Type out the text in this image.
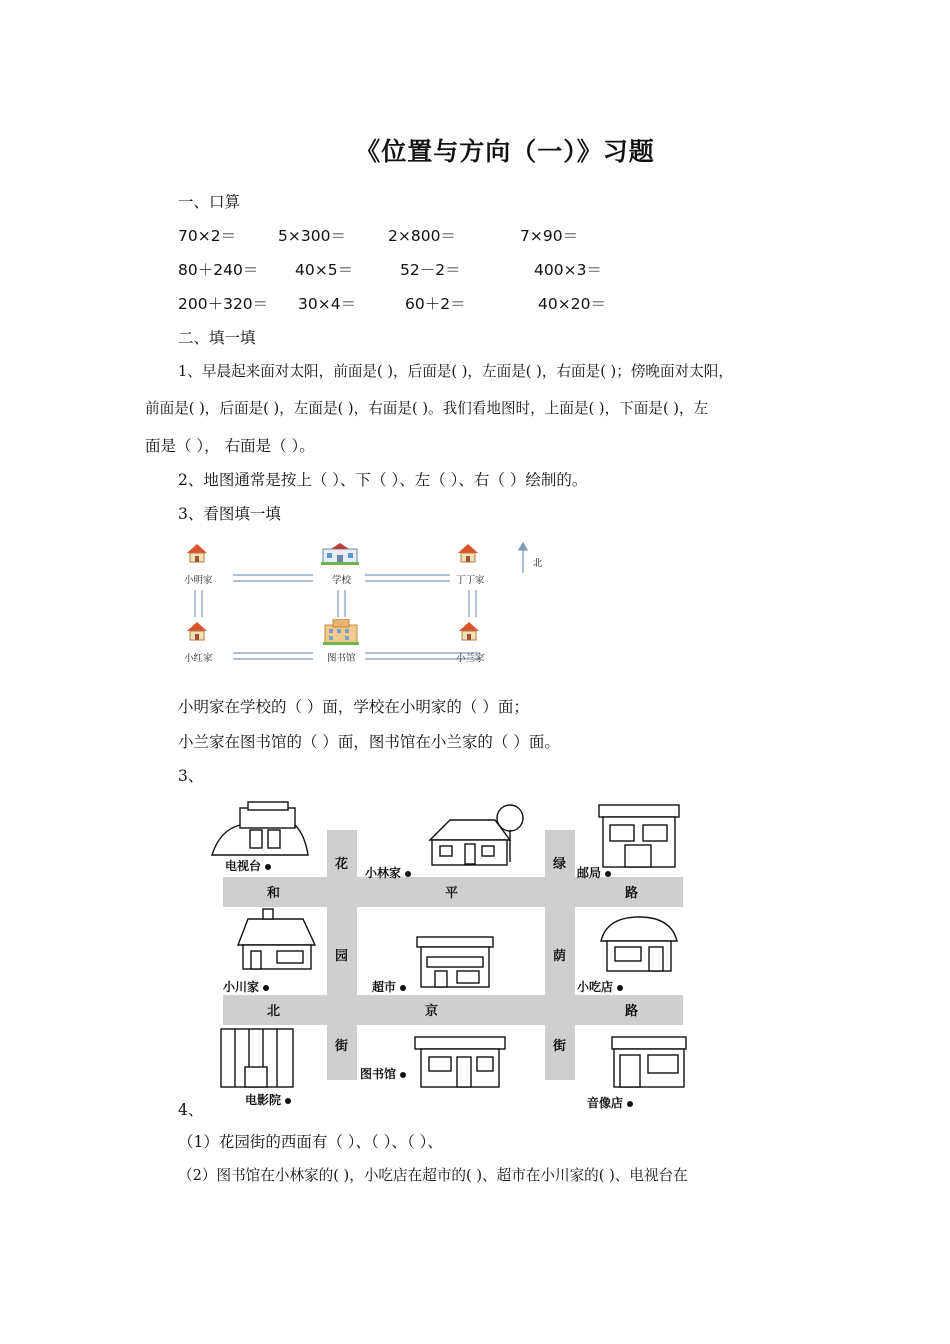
《位置与方向（一）》习题
一、口算
70×2＝	5×300＝	2×800＝	7×90＝
80＋240＝ 40×5＝	52－2＝	400×3＝
200＋320＝ 30×4＝	60＋2＝	40×20＝
二、填一填
1、早晨起来面对太阳，前面是( )，后面是( )，左面是( )，右面是( )；傍晚面对太阳，
前面是( )，后面是( )，左面是( )，右面是( )。我们看地图时，上面是( )，下面是( )，左
面是（ ）， 右面是（ ）。
2、地图通常是按上（ ）、下（ ）、左（ ）、右（ ）绘制的。
3、看图填一填
小明家	学校	丁丁家
小红家	图书馆	小兰家
北
小明家在学校的（ ）面，学校在小明家的（ ）面；
小兰家在图书馆的（ ）面，图书馆在小兰家的（ ）面。
3、
和	平	路
北	京	路
花
园
街
绿
荫
街
电视台	小林家	邮局
小川家	超市	小吃店
电影院
图书馆
音像店
4、
（1）花园街的西面有（ ）、（ ）、（ ）、
（2）图书馆在小林家的( )，小吃店在超市的( )、超市在小川家的( )、电视台在
